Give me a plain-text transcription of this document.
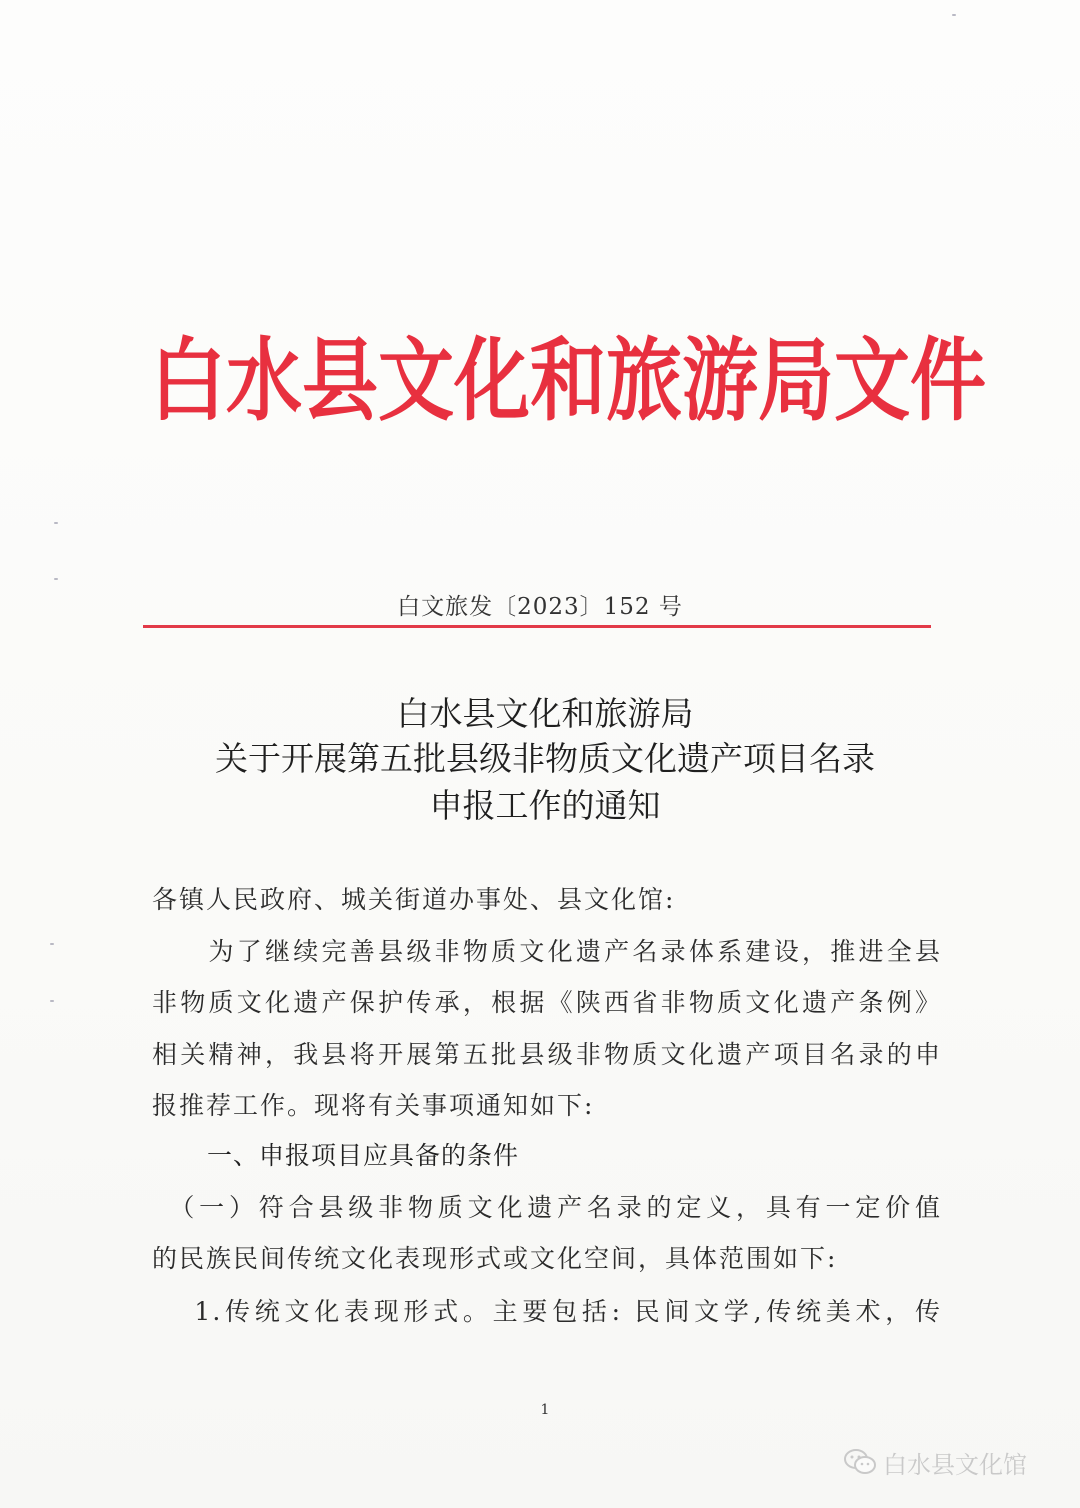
白水县文化和旅游局文件
白文旅发〔2023〕152 号
白水县文化和旅游局
关于开展第五批县级非物质文化遗产项目名录
申报工作的通知
各镇人民政府、城关街道办事处、县文化馆:
　　为了继续完善县级非物质文化遗产名录体系建设，推进全县
非物质文化遗产保护传承，根据《陕西省非物质文化遗产条例》
相关精神，我县将开展第五批县级非物质文化遗产项目名录的申
报推荐工作。现将有关事项通知如下:
一、申报项目应具备的条件
　（一）符合县级非物质文化遗产名录的定义，具有一定价值
的民族民间传统文化表现形式或文化空间，具体范围如下:
　 1.传统文化表现形式。主要包括: 民间文学,传统美术，传
1
白水县文化馆
